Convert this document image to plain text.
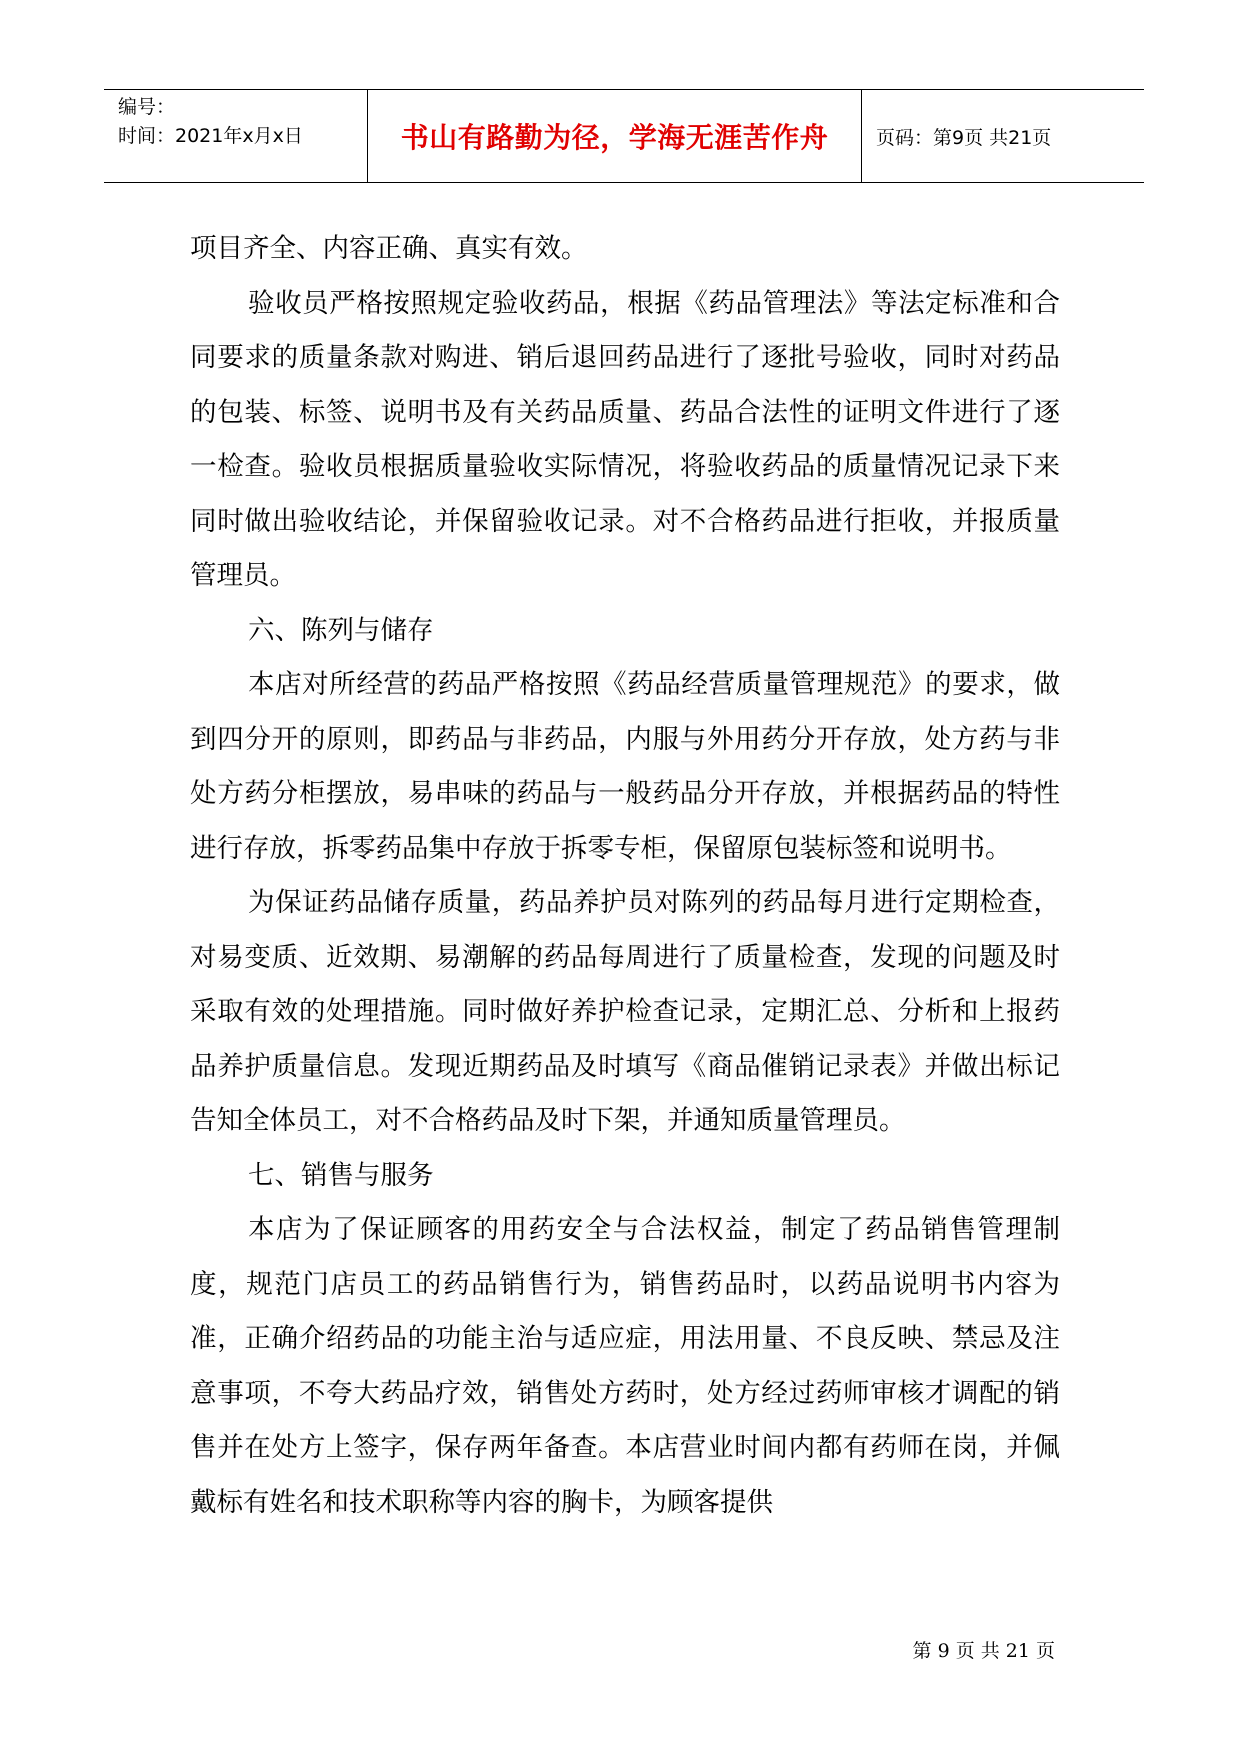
编号：
时间：2021年x月x日	书山有路勤为径，学海无涯苦作舟	页码：第9页 共21页

项目齐全、内容正确、真实有效。

验收员严格按照规定验收药品，根据《药品管理法》等法定标准和合同要求的质量条款对购进、销后退回药品进行了逐批号验收，同时对药品的包装、标签、说明书及有关药品质量、药品合法性的证明文件进行了逐一检查。验收员根据质量验收实际情况，将验收药品的质量情况记录下来同时做出验收结论，并保留验收记录。对不合格药品进行拒收，并报质量管理员。

六、陈列与储存

本店对所经营的药品严格按照《药品经营质量管理规范》的要求，做到四分开的原则，即药品与非药品，内服与外用药分开存放，处方药与非处方药分柜摆放，易串味的药品与一般药品分开存放，并根据药品的特性进行存放，拆零药品集中存放于拆零专柜，保留原包装标签和说明书。

为保证药品储存质量，药品养护员对陈列的药品每月进行定期检查，对易变质、近效期、易潮解的药品每周进行了质量检查，发现的问题及时采取有效的处理措施。同时做好养护检查记录，定期汇总、分析和上报药品养护质量信息。发现近期药品及时填写《商品催销记录表》并做出标记告知全体员工，对不合格药品及时下架，并通知质量管理员。

七、销售与服务

本店为了保证顾客的用药安全与合法权益，制定了药品销售管理制度，规范门店员工的药品销售行为，销售药品时，以药品说明书内容为准，正确介绍药品的功能主治与适应症，用法用量、不良反映、禁忌及注意事项，不夸大药品疗效，销售处方药时，处方经过药师审核才调配的销售并在处方上签字，保存两年备查。本店营业时间内都有药师在岗，并佩戴标有姓名和技术职称等内容的胸卡，为顾客提供

第 9 页 共 21 页
